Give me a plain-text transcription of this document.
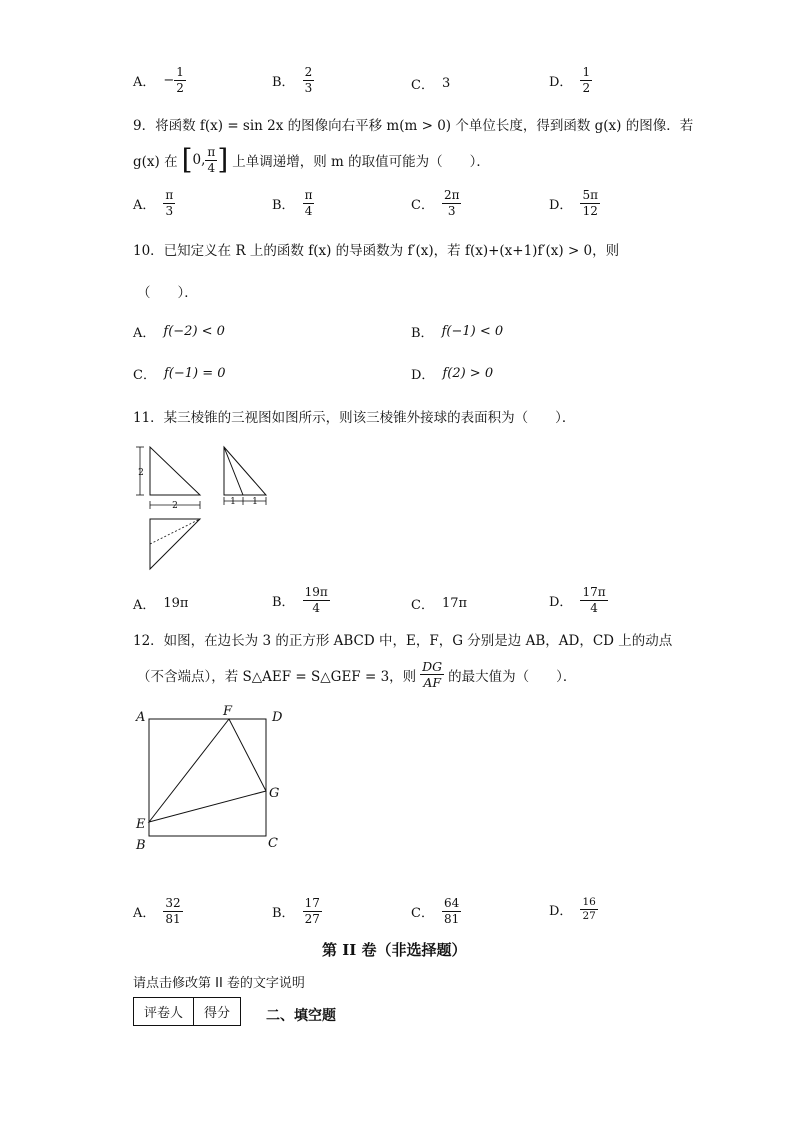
A． − $\frac{1}{2}$	B． $\frac{2}{3}$	C． 3	D． $\frac{1}{2}$
9．将函数 f(x) = sin 2x 的图像向右平移 m(m > 0) 个单位长度，得到函数 g(x) 的图像．若
g(x) 在 [ 0, $\frac{\pi}{4}$ ] 上单调递增，则 m 的取值可能为（　　）．
A． $\frac{\pi}{3}$	B． $\frac{\pi}{4}$	C． $\frac{2\pi}{3}$	D． $\frac{5\pi}{12}$
10．已知定义在 R 上的函数 f(x) 的导函数为 f′(x)，若 f(x)+(x+1)f′(x) > 0，则
（　　）．
A． f(−2) < 0	B． f(−1) < 0
C． f(−1) = 0	D． f(2) > 0
11．某三棱锥的三视图如图所示，则该三棱锥外接球的表面积为（　　）．
2
2	1 1
A． 19π	B． $\frac{19\pi}{4}$	C． 17π	D． $\frac{17\pi}{4}$
12．如图，在边长为 3 的正方形 ABCD 中，E，F，G 分别是边 AB，AD，CD 上的动点
（不含端点），若 S△AEF = S△GEF = 3，则 $\frac{DG}{AF}$ 的最大值为（　　）．
A	D
F
G
E
B	C
A． $\frac{32}{81}$	B． $\frac{17}{27}$	C． $\frac{64}{81}$	D． $\frac{16}{27}$
第 II 卷（非选择题）
请点击修改第 II 卷的文字说明
评卷人	得分	二、填空题
